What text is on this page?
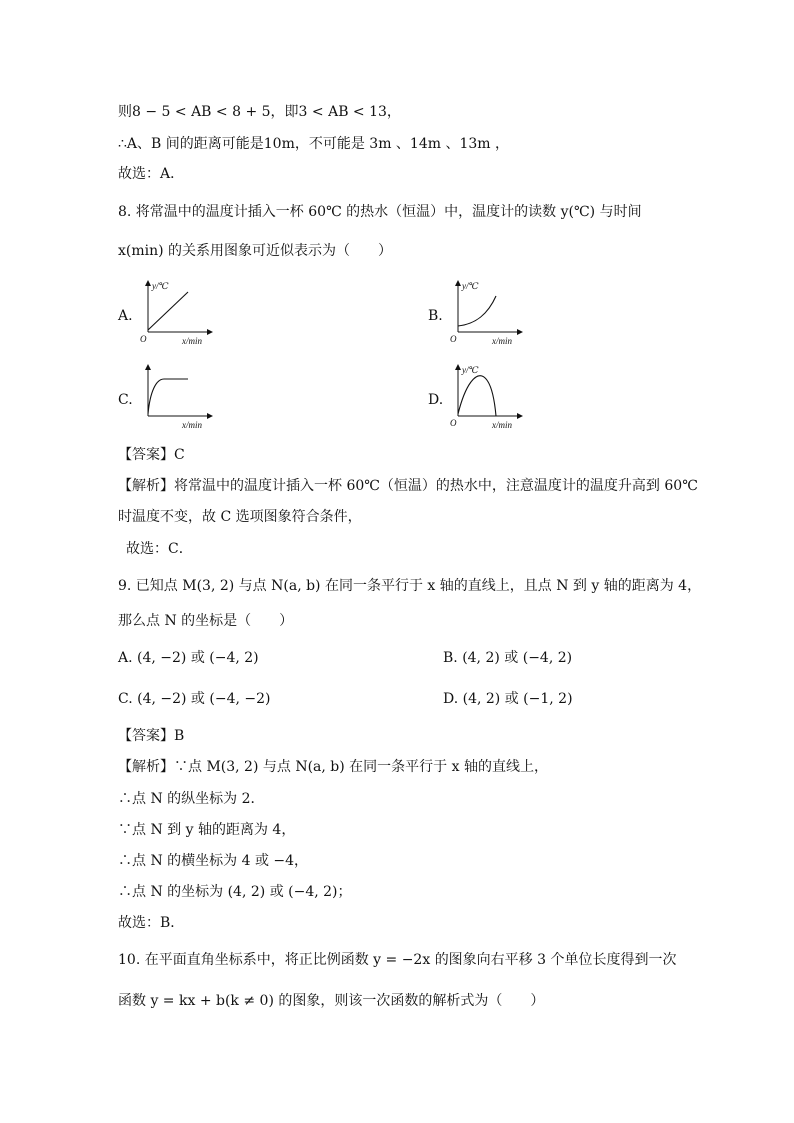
则8 − 5 < AB < 8 + 5，即3 < AB < 13，
∴A、B 间的距离可能是10m，不可能是 3m 、14m 、13m ，
故选：A．
8. 将常温中的温度计插入一杯 60℃ 的热水（恒温）中，温度计的读数 y(℃) 与时间
x(min) 的关系用图象可近似表示为（　　）
A.	B.
C.	D.
y/℃
x/min
O
y/℃
x/min
O
x/min
y/℃
x/min
O
【答案】C
【解析】将常温中的温度计插入一杯 60℃（恒温）的热水中，注意温度计的温度升高到 60℃
时温度不变，故 C 选项图象符合条件，
故选：C．
9. 已知点 M(3, 2) 与点 N(a, b) 在同一条平行于 x 轴的直线上，且点 N 到 y 轴的距离为 4，
那么点 N 的坐标是（　　）
A. (4, −2) 或 (−4, 2)	B. (4, 2) 或 (−4, 2)
C. (4, −2) 或 (−4, −2)	D. (4, 2) 或 (−1, 2)
【答案】B
【解析】∵点 M(3, 2) 与点 N(a, b) 在同一条平行于 x 轴的直线上，
∴点 N 的纵坐标为 2．
∵点 N 到 y 轴的距离为 4，
∴点 N 的横坐标为 4 或 −4，
∴点 N 的坐标为 (4, 2) 或 (−4, 2)；
故选：B．
10. 在平面直角坐标系中，将正比例函数 y = −2x 的图象向右平移 3 个单位长度得到一次
函数 y = kx + b(k ≠ 0) 的图象，则该一次函数的解析式为（　　）
